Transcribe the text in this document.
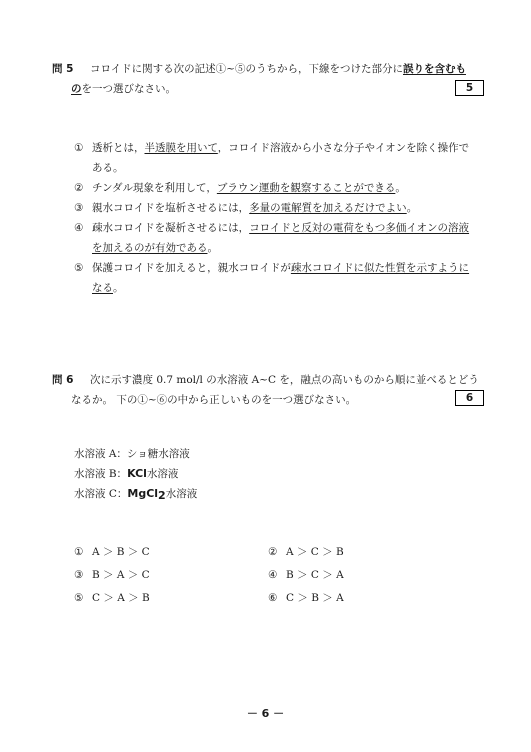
問 5 コロイドに関する次の記述①~⑤のうちから，下線をつけた部分に誤りを含むも
のを一つ選びなさい。	5
① 透析とは，半透膜を用いて，コロイド溶液から小さな分子やイオンを除く操作で
ある。
② チンダル現象を利用して，ブラウン運動を観察することができる。
③ 親水コロイドを塩析させるには，多量の電解質を加えるだけでよい。
④ 疎水コロイドを凝析させるには，コロイドと反対の電荷をもつ多価イオンの溶液
を加えるのが有効である。
⑤ 保護コロイドを加えると，親水コロイドが疎水コロイドに似た性質を示すように
なる。
問 6 次に示す濃度 0.7 mol/l の水溶液 A~C を，融点の高いものから順に並べるとどう
なるか。 下の①~⑥の中から正しいものを一つ選びなさい。	6
水溶液 A：ショ糖水溶液
水溶液 B：KCl水溶液
水溶液 C：MgCl2水溶液
① A ＞ B ＞ C	② A ＞ C ＞ B
③ B ＞ A ＞ C	④ B ＞ C ＞ A
⑤ C ＞ A ＞ B	⑥ C ＞ B ＞ A
－ 6 －
